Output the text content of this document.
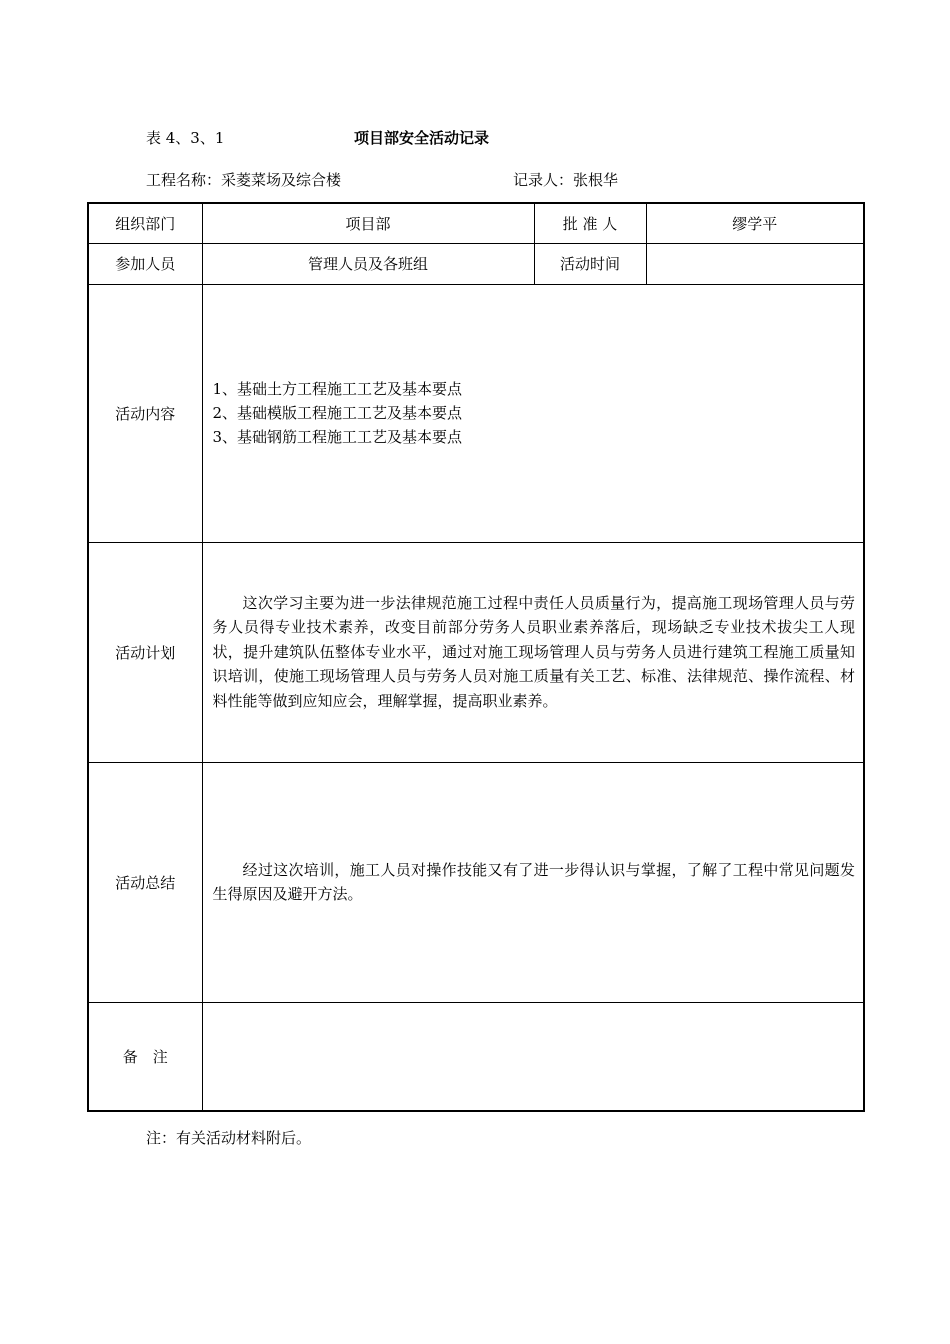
表 4、3、1	项目部安全活动记录
工程名称：采菱菜场及综合楼	记录人：张根华
组织部门	项目部	批 准 人	缪学平
参加人员	管理人员及各班组	活动时间	
活动内容	1、基础土方工程施工工艺及基本要点
2、基础模版工程施工工艺及基本要点
3、基础钢筋工程施工工艺及基本要点		

活动计划	这次学习主要为进一步法律规范施工过程中责任人员质量行为，提高施工现场管理人员与劳务人员得专业技术素养，改变目前部分劳务人员职业素养落后，现场缺乏专业技术拔尖工人现状，提升建筑队伍整体专业水平，通过对施工现场管理人员与劳务人员进行建筑工程施工质量知识培训，使施工现场管理人员与劳务人员对施工质量有关工艺、标准、法律规范、操作流程、材料性能等做到应知应会，理解掌握，提高职业素养。		
活动总结	经过这次培训，施工人员对操作技能又有了进一步得认识与掌握，了解了工程中常见问题发生得原因及避开方法。		
备　注			
注：有关活动材料附后。
